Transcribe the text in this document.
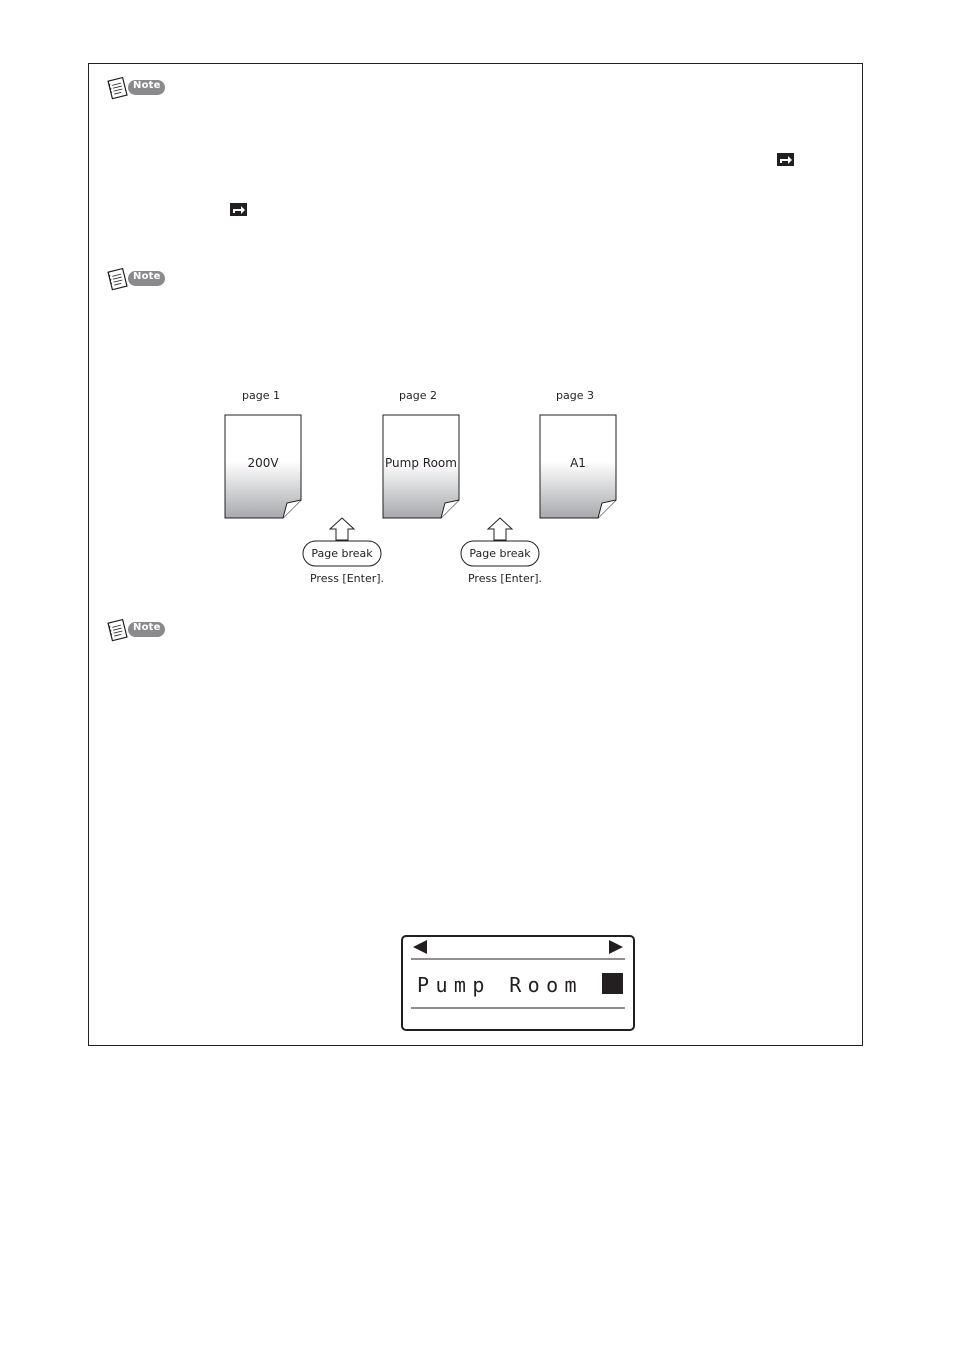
Note
Note
page 1	page 2	page 3
200V	Pump Room	A1
Page break	Page break
Press [Enter].	Press [Enter].
Note
Pump Room
